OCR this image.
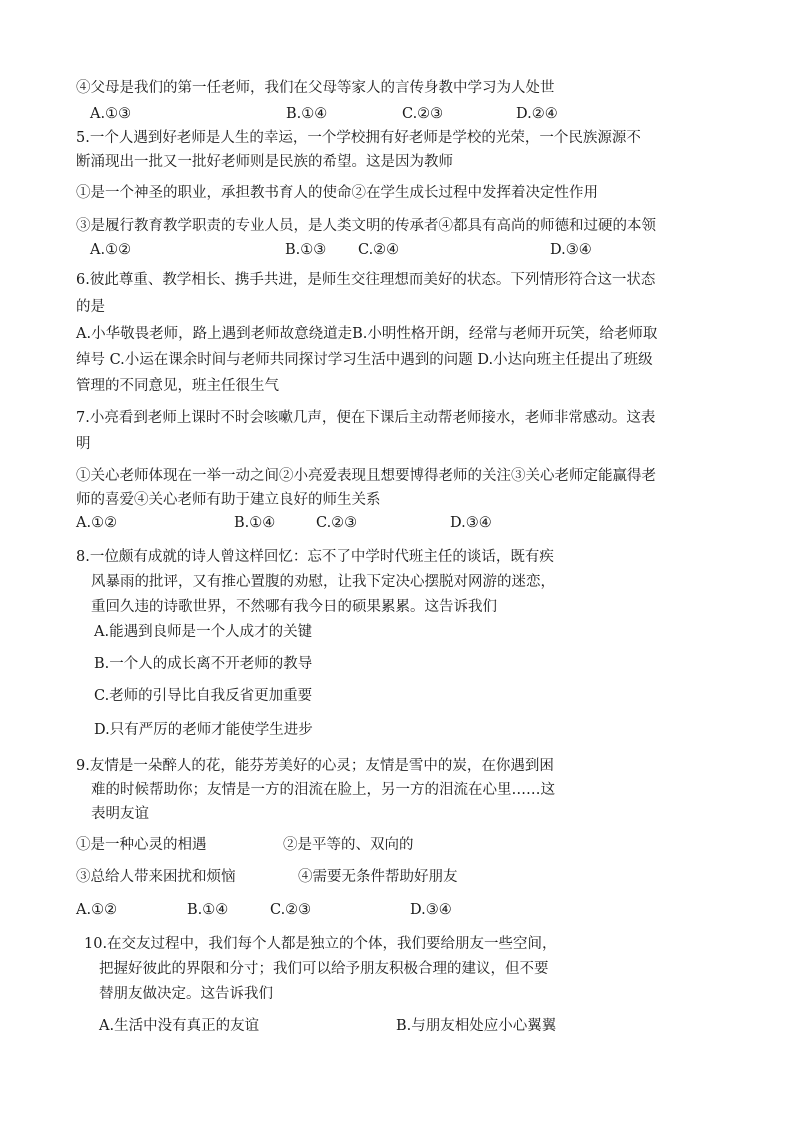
④父母是我们的第一任老师，我们在父母等家人的言传身教中学习为人处世
A.①③	B.①④	C.②③	D.②④
5.一个人遇到好老师是人生的幸运，一个学校拥有好老师是学校的光荣，一个民族源源不
断涌现出一批又一批好老师则是民族的希望。这是因为教师
①是一个神圣的职业，承担教书育人的使命②在学生成长过程中发挥着决定性作用
③是履行教育教学职责的专业人员，是人类文明的传承者④都具有高尚的师德和过硬的本领
A.①②	B.①③ C.②④	D.③④
6.彼此尊重、教学相长、携手共进，是师生交往理想而美好的状态。下列情形符合这一状态
的是
A.小华敬畏老师，路上遇到老师故意绕道走B.小明性格开朗，经常与老师开玩笑，给老师取
绰号 C.小运在课余时间与老师共同探讨学习生活中遇到的问题 D.小达向班主任提出了班级
管理的不同意见，班主任很生气
7.小亮看到老师上课时不时会咳嗽几声，便在下课后主动帮老师接水，老师非常感动。这表
明
①关心老师体现在一举一动之间②小亮爱表现且想要博得老师的关注③关心老师定能赢得老
师的喜爱④关心老师有助于建立良好的师生关系
A.①②	B.①④	C.②③	D.③④
8.一位颇有成就的诗人曾这样回忆：忘不了中学时代班主任的谈话，既有疾
风暴雨的批评，又有推心置腹的劝慰，让我下定决心摆脱对网游的迷恋，
重回久违的诗歌世界，不然哪有我今日的硕果累累。这告诉我们
A.能遇到良师是一个人成才的关键
B.一个人的成长离不开老师的教导
C.老师的引导比自我反省更加重要
D.只有严厉的老师才能使学生进步
9.友情是一朵醉人的花，能芬芳美好的心灵；友情是雪中的炭，在你遇到困
难的时候帮助你；友情是一方的泪流在脸上，另一方的泪流在心里……这
表明友谊
①是一种心灵的相遇	②是平等的、双向的
③总给人带来困扰和烦恼	④需要无条件帮助好朋友
A.①②	B.①④	C.②③	D.③④
10.在交友过程中，我们每个人都是独立的个体，我们要给朋友一些空间，
把握好彼此的界限和分寸；我们可以给予朋友积极合理的建议，但不要
替朋友做决定。这告诉我们
A.生活中没有真正的友谊	B.与朋友相处应小心翼翼
